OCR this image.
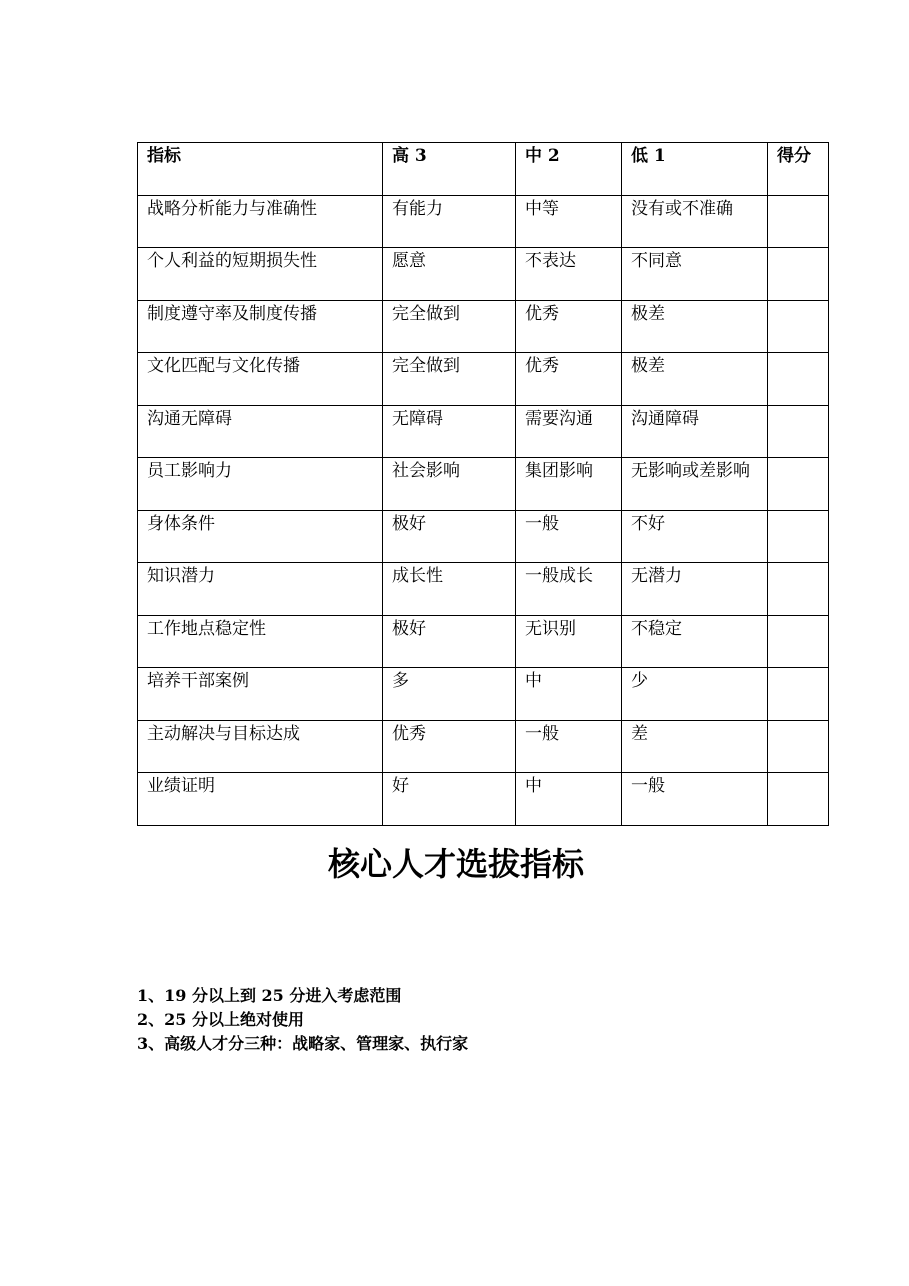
指标	高 3	中 2	低 1	得分

战略分析能力与准确性	有能力	中等	没有或不准确	

个人利益的短期损失性	愿意	不表达	不同意	

制度遵守率及制度传播	完全做到	优秀	极差	

文化匹配与文化传播	完全做到	优秀	极差	

沟通无障碍	无障碍	需要沟通	沟通障碍	

员工影响力	社会影响	集团影响	无影响或差影响	

身体条件	极好	一般	不好	

知识潜力	成长性	一般成长	无潜力	

工作地点稳定性	极好	无识别	不稳定	

培养干部案例	多	中	少	

主动解决与目标达成	优秀	一般	差	

业绩证明	好	中	一般	

核心人才选拔指标
1、19 分以上到 25 分进入考虑范围
2、25 分以上绝对使用
3、高级人才分三种：战略家、管理家、执行家
